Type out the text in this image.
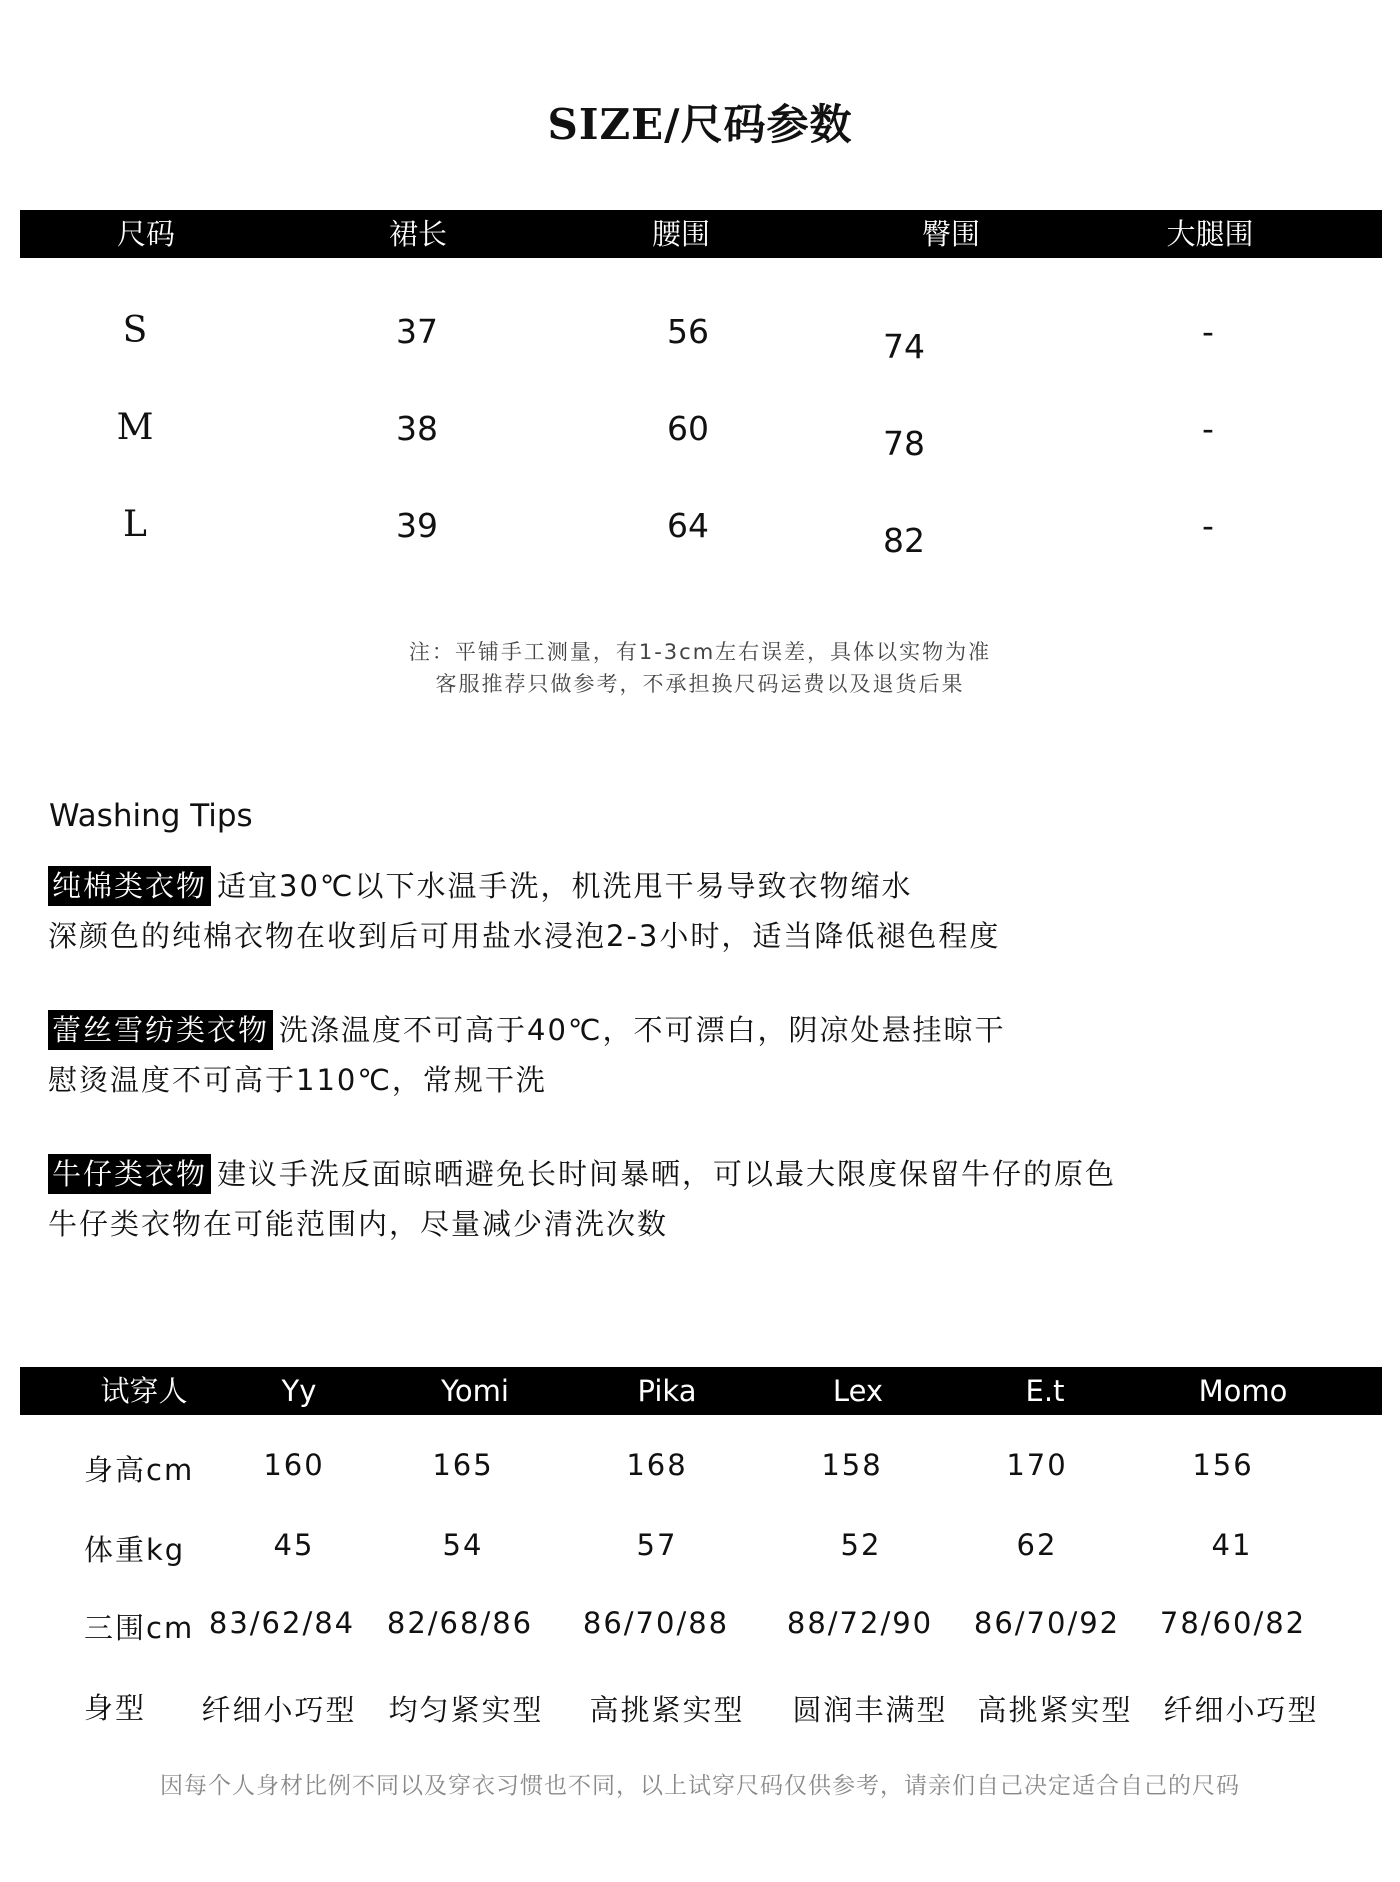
SIZE/尺码参数
尺码	裙长	腰围	臀围	大腿围
S	37	56	74	-
M	38	60	78	-
L	39	64	82	-
注：平铺手工测量，有1-3cm左右误差，具体以实物为准
客服推荐只做参考，不承担换尺码运费以及退货后果
Washing Tips
纯棉类衣物 适宜30℃以下水温手洗，机洗甩干易导致衣物缩水
深颜色的纯棉衣物在收到后可用盐水浸泡2-3小时，适当降低褪色程度
蕾丝雪纺类衣物 洗涤温度不可高于40℃，不可漂白，阴凉处悬挂晾干
慰烫温度不可高于110℃，常规干洗
牛仔类衣物 建议手洗反面晾晒避免长时间暴晒，可以最大限度保留牛仔的原色
牛仔类衣物在可能范围内，尽量减少清洗次数
试穿人	Yy	Yomi	Pika	Lex	E.t	Momo
身高cm 160	165	168	158	170	156
体重kg	45	54	57	52	62	41
三围cm 83/62/84 82/68/86 86/70/88 88/72/90 86/70/92 78/60/82
身型 纤细小巧型 均匀紧实型 高挑紧实型 圆润丰满型 高挑紧实型 纤细小巧型
因每个人身材比例不同以及穿衣习惯也不同，以上试穿尺码仅供参考，请亲们自己决定适合自己的尺码
